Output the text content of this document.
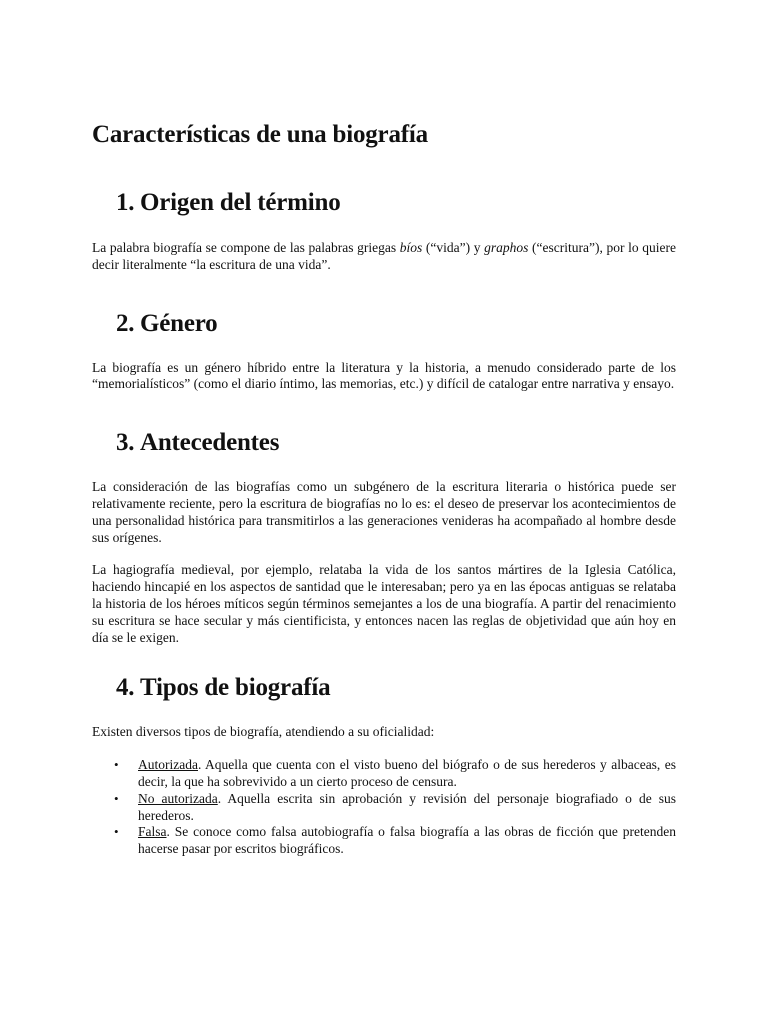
Características de una biografía
1. Origen del término

La palabra biografía se compone de las palabras griegas bíos (“vida”) y graphos (“escritura”), por lo quiere decir literalmente “la escritura de una vida”.

2. Género

La biografía es un género híbrido entre la literatura y la historia, a menudo considerado parte de los “memorialísticos” (como el diario íntimo, las memorias, etc.) y difícil de catalogar entre narrativa y ensayo.

3. Antecedentes

La consideración de las biografías como un subgénero de la escritura literaria o histórica puede ser relativamente reciente, pero la escritura de biografías no lo es: el deseo de preservar los acontecimientos de una personalidad histórica para transmitirlos a las generaciones venideras ha acompañado al hombre desde sus orígenes.

La hagiografía medieval, por ejemplo, relataba la vida de los santos mártires de la Iglesia Católica, haciendo hincapié en los aspectos de santidad que le interesaban; pero ya en las épocas antiguas se relataba la historia de los héroes míticos según términos semejantes a los de una biografía. A partir del renacimiento su escritura se hace secular y más cientificista, y entonces nacen las reglas de objetividad que aún hoy en día se le exigen.

4. Tipos de biografía

Existen diversos tipos de biografía, atendiendo a su oficialidad:

• Autorizada. Aquella que cuenta con el visto bueno del biógrafo o de sus herederos y albaceas, es decir, la que ha sobrevivido a un cierto proceso de censura.
• No autorizada. Aquella escrita sin aprobación y revisión del personaje biografiado o de sus herederos.
• Falsa. Se conoce como falsa autobiografía o falsa biografía a las obras de ficción que pretenden hacerse pasar por escritos biográficos.
